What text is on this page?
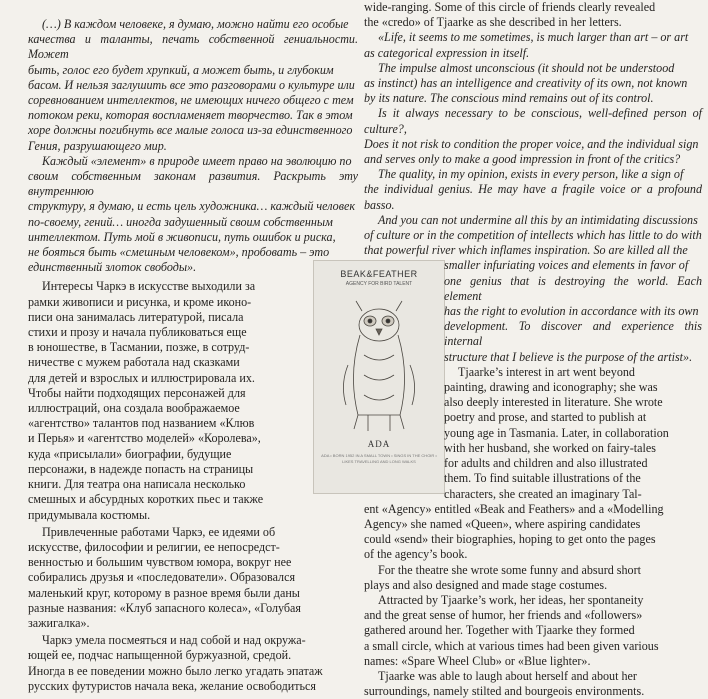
(…) В каждом человеке, я думаю, можно найти его особые

качества и таланты, печать собственной гениальности. Может

быть, голос его будет хрупкий, а может быть, и глубоким

басом. И нельзя заглушить все это разговорами о культуре или

соревнованием интеллектов, не имеющих ничего общего с тем

потоком реки, которая воспламеняет творчество. Так в этом

хоре должны погибнуть все малые голоса из-за единственного

Гения, разрушающего мир.

Каждый «элемент» в природе имеет право на эволюцию по

своим собственным законам развития. Раскрыть эту внутреннюю

структуру, я думаю, и есть цель художника… каждый человек

по-своему, гений… иногда задушенный своим собственным

интеллектом. Путь мой в живописи, путь ошибок и риска,

не бояться быть «смешным человеком», пробовать – это

единственный злоток свободы».

Интересы Чаркэ в искусстве выходили за

рамки живописи и рисунка, и кроме иконо-

писи она занималась литературой, писала

стихи и прозу и начала публиковаться еще

в юношестве, в Тасмании, позже, в сотруд-

ничестве с мужем работала над сказками

для детей и взрослых и иллюстрировала их.

Чтобы найти подходящих персонажей для

иллюстраций, она создала воображаемое

«агентство» талантов под названием «Клюв

и Перья» и «агентство моделей» «Королева»,

куда «присылали» биографии, будущие

персонажи, в надежде попасть на страницы

книги. Для театра она написала несколько

смешных и абсурдных коротких пьес и также

придумывала костюмы.

Привлеченные работами Чаркэ, ее идеями об

искусстве, философии и религии, ее непосредст-

венностью и большим чувством юмора, вокруг нее

собирались друзья и «последователи». Образовался

маленький круг, которому в разное время были даны

разные названия: «Клуб запасного колеса», «Голубая

зажигалка».

Чаркэ умела посмеяться и над собой и над окружа-

ющей ее, подчас напыщенной буржуазной, средой.

Иногда в ее поведении можно было легко угадать эпатаж

русских футуристов начала века, желание освободиться

BEAK&FEATHER
AGENCY FOR BIRD TALENT
ADA
ADA • BORN 1952 IN A SMALL TOWN • SINGS IN THE CHOIR • LIKES TRAVELLING AND LONG WALKS

wide-ranging. Some of this circle of friends clearly revealed

the «credo» of Tjaarke as she described in her letters.

«Life, it seems to me sometimes, is much larger than art – or art

as categorical expression in itself.

The impulse almost unconscious (it should not be understood

as instinct) has an intelligence and creativity of its own, not known

by its nature. The conscious mind remains out of its control.

Is it always necessary to be conscious, well-defined person of culture?,

Does it not risk to condition the proper voice, and the individual sign

and serves only to make a good impression in front of the critics?

The quality, in my opinion, exists in every person, like a sign of

the individual genius. He may have a fragile voice or a profound basso.

And you can not undermine all this by an intimidating discussions

of culture or in the competition of intellects which has little to do with

that powerful river which inflames inspiration. So are killed all the

smaller infuriating voices and elements in favor of

one genius that is destroying the world. Each element

has the right to evolution in accordance with its own

development. To discover and experience this internal

structure that I believe is the purpose of the artist».

Tjaarke’s interest in art went beyond

painting, drawing and iconography; she was

also deeply interested in literature. She wrote

poetry and prose, and started to publish at

young age in Tasmania. Later, in collaboration

with her husband, she worked on fairy-tales

for adults and children and also illustrated

them. To find suitable illustrations of the

characters, she created an imaginary Tal-

ent «Agency» entitled «Beak and Feathers» and a «Modelling

Agency» she named «Queen», where aspiring candidates

could «send» their biographies, hoping to get onto the pages

of the agency’s book.

For the theatre she wrote some funny and absurd short

plays and also designed and made stage costumes.

Attracted by Tjaarke’s work, her ideas, her spontaneity

and the great sense of humor, her friends and «followers»

gathered around her. Together with Tjaarke they formed

a small circle, which at various times had been given various

names: «Spare Wheel Club» or «Blue lighter».

Tjaarke was able to laugh about herself and about her

surroundings, namely stilted and bourgeois environments.
